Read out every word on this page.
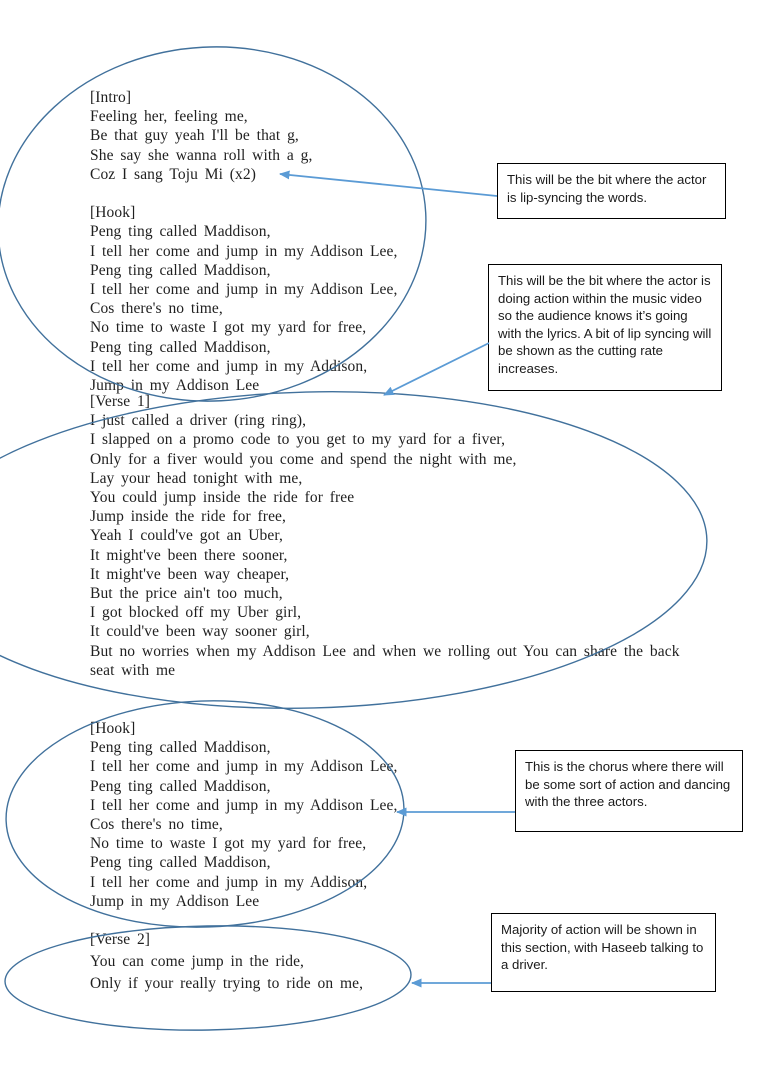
[Intro]
Feeling her, feeling me,
Be that guy yeah I'll be that g,
She say she wanna roll with a g,
Coz I sang Toju Mi (x2)

[Hook]
Peng ting called Maddison,
I tell her come and jump in my Addison Lee,
Peng ting called Maddison,
I tell her come and jump in my Addison Lee,
Cos there's no time,
No time to waste I got my yard for free,
Peng ting called Maddison,
I tell her come and jump in my Addison,
Jump in my Addison Lee
[Verse 1]
I just called a driver (ring ring),
I slapped on a promo code to you get to my yard for a fiver,
Only for a fiver would you come and spend the night with me,
Lay your head tonight with me,
You could jump inside the ride for free
Jump inside the ride for free,
Yeah I could've got an Uber,
It might've been there sooner,
It might've been way cheaper,
But the price ain't too much,
I got blocked off my Uber girl,
It could've been way sooner girl,
But no worries when my Addison Lee and when we rolling out You can share the back seat with me
[Hook]
Peng ting called Maddison,
I tell her come and jump in my Addison Lee,
Peng ting called Maddison,
I tell her come and jump in my Addison Lee,
Cos there's no time,
No time to waste I got my yard for free,
Peng ting called Maddison,
I tell her come and jump in my Addison,
Jump in my Addison Lee
[Verse 2]
You can come jump in the ride,
Only if your really trying to ride on me,
This will be the bit where the actor is lip-syncing the words.
This will be the bit where the actor is doing action within the music video so the audience knows it’s going with the lyrics. A bit of lip syncing will be shown as the cutting rate increases.
This is the chorus where there will be some sort of action and dancing with the three actors.
Majority of action will be shown in this section, with Haseeb talking to a driver.
